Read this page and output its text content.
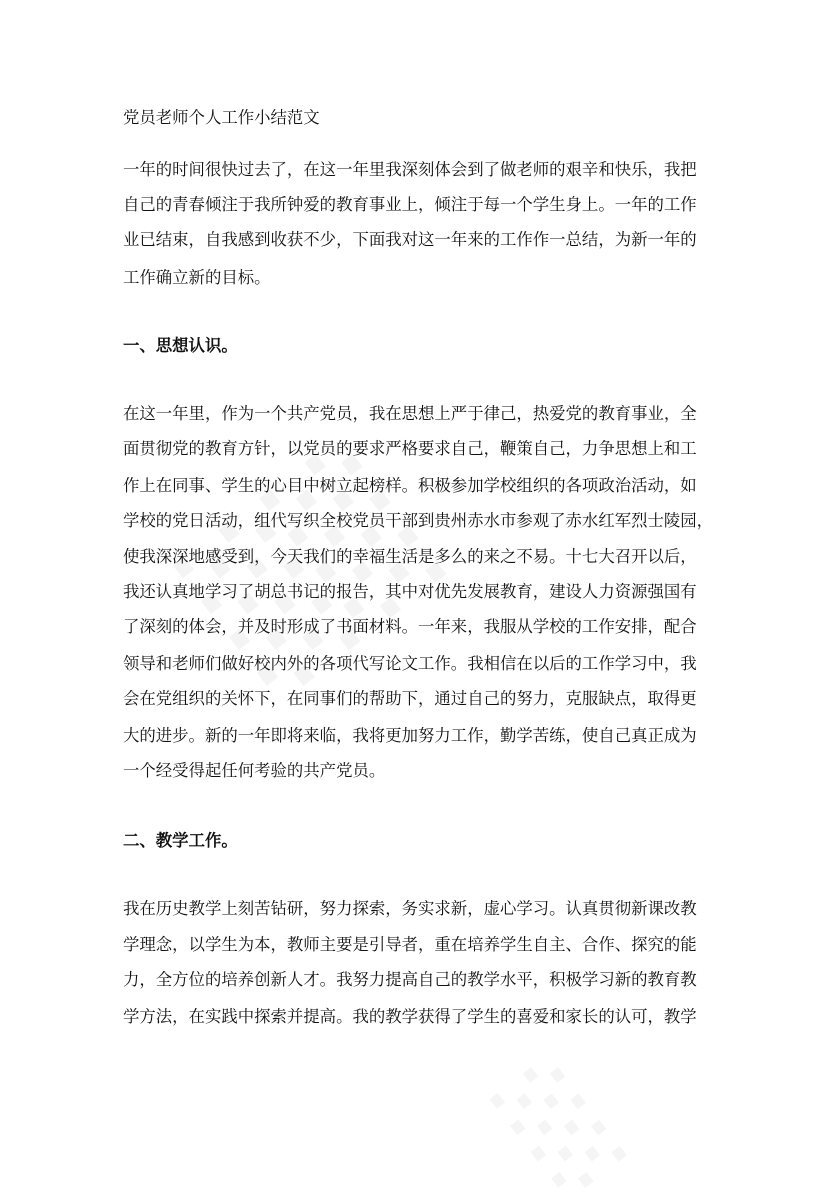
党员老师个人工作小结范文
一年的时间很快过去了，在这一年里我深刻体会到了做老师的艰辛和快乐，我把
自己的青春倾注于我所钟爱的教育事业上，倾注于每一个学生身上。一年的工作
业已结束，自我感到收获不少，下面我对这一年来的工作作一总结，为新一年的
工作确立新的目标。
一、思想认识。
在这一年里，作为一个共产党员，我在思想上严于律己，热爱党的教育事业，全
面贯彻党的教育方针，以党员的要求严格要求自己，鞭策自己，力争思想上和工
作上在同事、学生的心目中树立起榜样。积极参加学校组织的各项政治活动，如
学校的党日活动，组代写织全校党员干部到贵州赤水市参观了赤水红军烈士陵园，
使我深深地感受到，今天我们的幸福生活是多么的来之不易。十七大召开以后，
我还认真地学习了胡总书记的报告，其中对优先发展教育，建设人力资源强国有
了深刻的体会，并及时形成了书面材料。一年来，我服从学校的工作安排，配合
领导和老师们做好校内外的各项代写论文工作。我相信在以后的工作学习中，我
会在党组织的关怀下，在同事们的帮助下，通过自己的努力，克服缺点，取得更
大的进步。新的一年即将来临，我将更加努力工作，勤学苦练，使自己真正成为
一个经受得起任何考验的共产党员。
二、教学工作。
我在历史教学上刻苦钻研，努力探索，务实求新，虚心学习。认真贯彻新课改教
学理念，以学生为本，教师主要是引导者，重在培养学生自主、合作、探究的能
力，全方位的培养创新人才。我努力提高自己的教学水平，积极学习新的教育教
学方法，在实践中探索并提高。我的教学获得了学生的喜爱和家长的认可，教学
